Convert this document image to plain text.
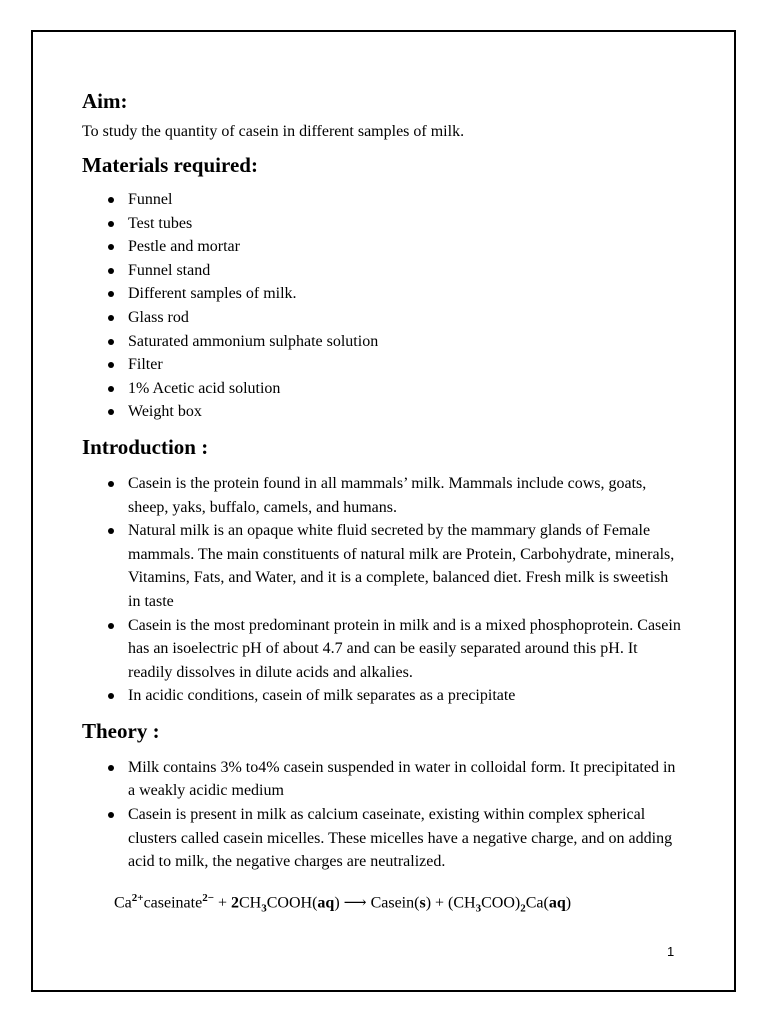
Aim:

To study the quantity of casein in different samples of milk.

Materials required:
Funnel
Test tubes
Pestle and mortar
Funnel stand
Different samples of milk.
Glass rod
Saturated ammonium sulphate solution
Filter
1% Acetic acid solution
Weight box
Introduction :
Casein is the protein found in all mammals’ milk. Mammals include cows, goats, sheep, yaks, buffalo, camels, and humans.
Natural milk is an opaque white fluid secreted by the mammary glands of Female mammals. The main constituents of natural milk are Protein, Carbohydrate, minerals, Vitamins, Fats, and Water, and it is a complete, balanced diet. Fresh milk is sweetish in taste
Casein is the most predominant protein in milk and is a mixed phosphoprotein. Casein has an isoelectric pH of about 4.7 and can be easily separated around this pH. It readily dissolves in dilute acids and alkalies.
In acidic conditions, casein of milk separates as a precipitate
Theory :
Milk contains 3% to4% casein suspended in water in colloidal form. It precipitated in a weakly acidic medium
Casein is present in milk as calcium caseinate, existing within complex spherical clusters called casein micelles. These micelles have a negative charge, and on adding acid to milk, the negative charges are neutralized.
$Ca^{2+}caseinate^{2-}$ + $2CH_3COOH(aq)$ ⟶ Casein(s) + $(CH_3COO)_2Ca(aq)$
1
